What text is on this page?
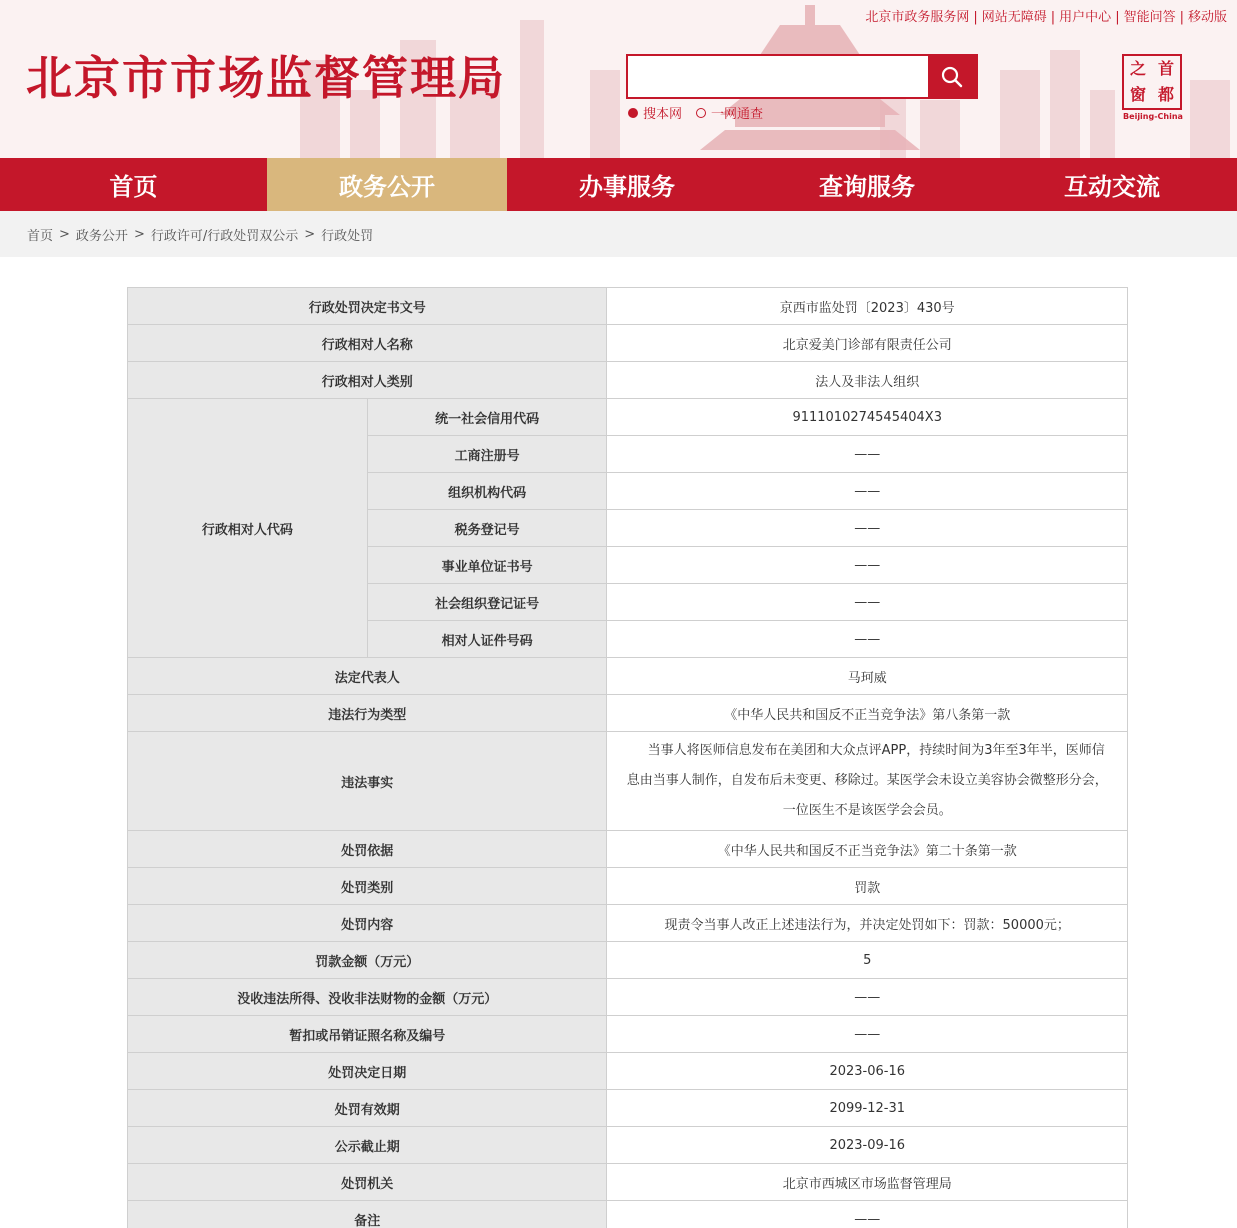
北京市市场监督管理局
北京市政务服务网 | 网站无障碍 | 用户中心 | 智能问答 | 移动版
搜本网 一网通查
之 首
窗 都
Beijing-China
首页	政务公开	办事服务	查询服务	互动交流
首页 > 政务公开 > 行政许可/行政处罚双公示 > 行政处罚
行政处罚决定书文号		京西市监处罚〔2023〕430号
行政相对人名称		北京爱美门诊部有限责任公司
行政相对人类别		法人及非法人组织
行政相对人代码	统一社会信用代码	9111010274545404X3
	工商注册号	——
	组织机构代码	——
	税务登记号	——
	事业单位证书号	——
	社会组织登记证号	——
	相对人证件号码	——
法定代表人		马珂威
违法行为类型		《中华人民共和国反不正当竞争法》第八条第一款
违法事实		当事人将医师信息发布在美团和大众点评APP，持续时间为3年至3年半，医师信
息由当事人制作，自发布后未变更、移除过。某医学会未设立美容协会微整形分会，
一位医生不是该医学会会员。

处罚依据		《中华人民共和国反不正当竞争法》第二十条第一款
处罚类别		罚款
处罚内容		现责令当事人改正上述违法行为，并决定处罚如下：罚款：50000元；
罚款金额（万元）		5
没收违法所得、没收非法财物的金额（万元）		——
暂扣或吊销证照名称及编号		——
处罚决定日期		2023-06-16
处罚有效期		2099-12-31
公示截止期		2023-09-16
处罚机关		北京市西城区市场监督管理局
备注		——
